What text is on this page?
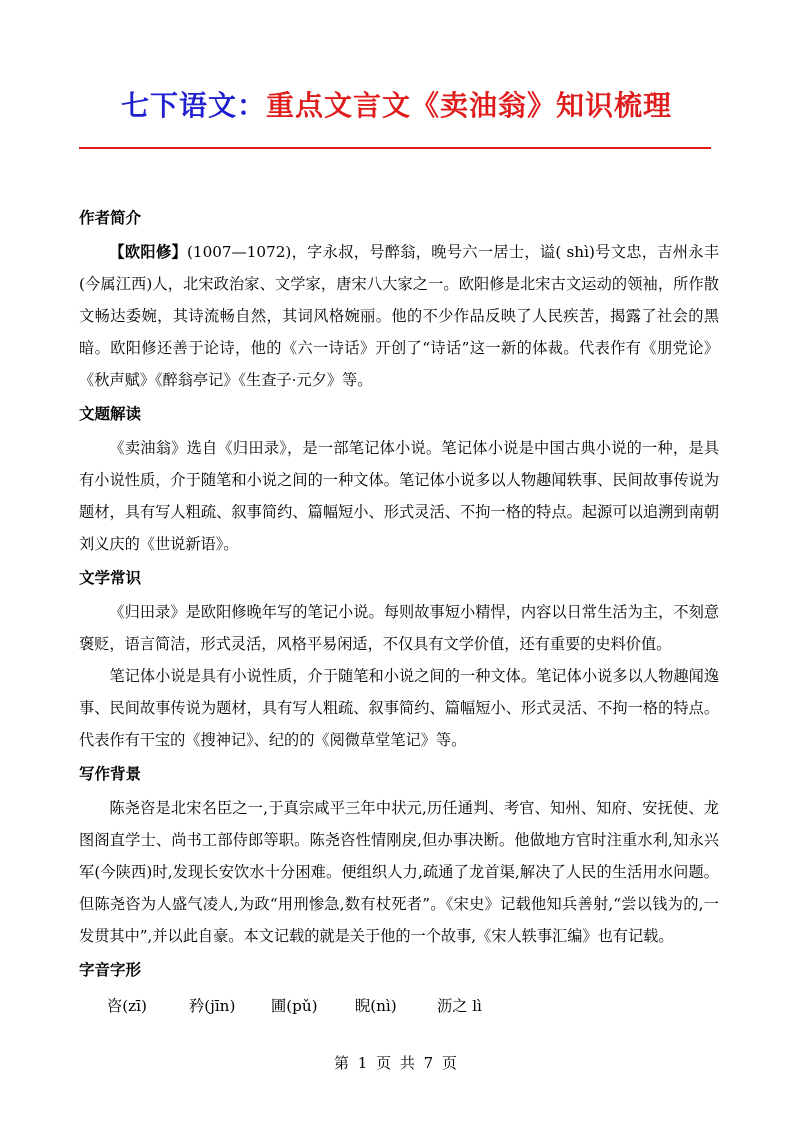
七下语文：重点文言文《卖油翁》知识梳理

作者简介

【欧阳修】(1007—1072)，字永叔，号醉翁，晚号六一居士，谥( shì)号文忠，吉州永丰(今属江西)人，北宋政治家、文学家，唐宋八大家之一。欧阳修是北宋古文运动的领袖，所作散文畅达委婉，其诗流畅自然，其词风格婉丽。他的不少作品反映了人民疾苦，揭露了社会的黑暗。欧阳修还善于论诗，他的《六一诗话》开创了“诗话”这一新的体裁。代表作有《朋党论》《秋声赋》《醉翁亭记》《生查子·元夕》等。

文题解读

《卖油翁》选自《归田录》，是一部笔记体小说。笔记体小说是中国古典小说的一种，是具有小说性质，介于随笔和小说之间的一种文体。笔记体小说多以人物趣闻轶事、民间故事传说为题材，具有写人粗疏、叙事简约、篇幅短小、形式灵活、不拘一格的特点。起源可以追溯到南朝刘义庆的《世说新语》。

文学常识

《归田录》是欧阳修晚年写的笔记小说。每则故事短小精悍，内容以日常生活为主，不刻意褒贬，语言简洁，形式灵活，风格平易闲适，不仅具有文学价值，还有重要的史料价值。

笔记体小说是具有小说性质，介于随笔和小说之间的一种文体。笔记体小说多以人物趣闻逸事、民间故事传说为题材，具有写人粗疏、叙事简约、篇幅短小、形式灵活、不拘一格的特点。代表作有干宝的《搜神记》、纪的的《阅微草堂笔记》等。

写作背景

陈尧咨是北宋名臣之一,于真宗咸平三年中状元,历任通判、考官、知州、知府、安抚使、龙图阁直学士、尚书工部侍郎等职。陈尧咨性情刚戾,但办事决断。他做地方官时注重水利,知永兴军(今陕西)时,发现长安饮水十分困难。便组织人力,疏通了龙首渠,解决了人民的生活用水问题。但陈尧咨为人盛气凌人,为政“用刑惨急,数有杖死者”。《宋史》记载他知兵善射,“尝以钱为的,一发贯其中”,并以此自豪。本文记载的就是关于他的一个故事,《宋人轶事汇编》也有记载。

字音字形

咨(zī)	矜(jīn)	圃(pǔ)	睨(nì)	沥之 lì
第 1 页 共 7 页
